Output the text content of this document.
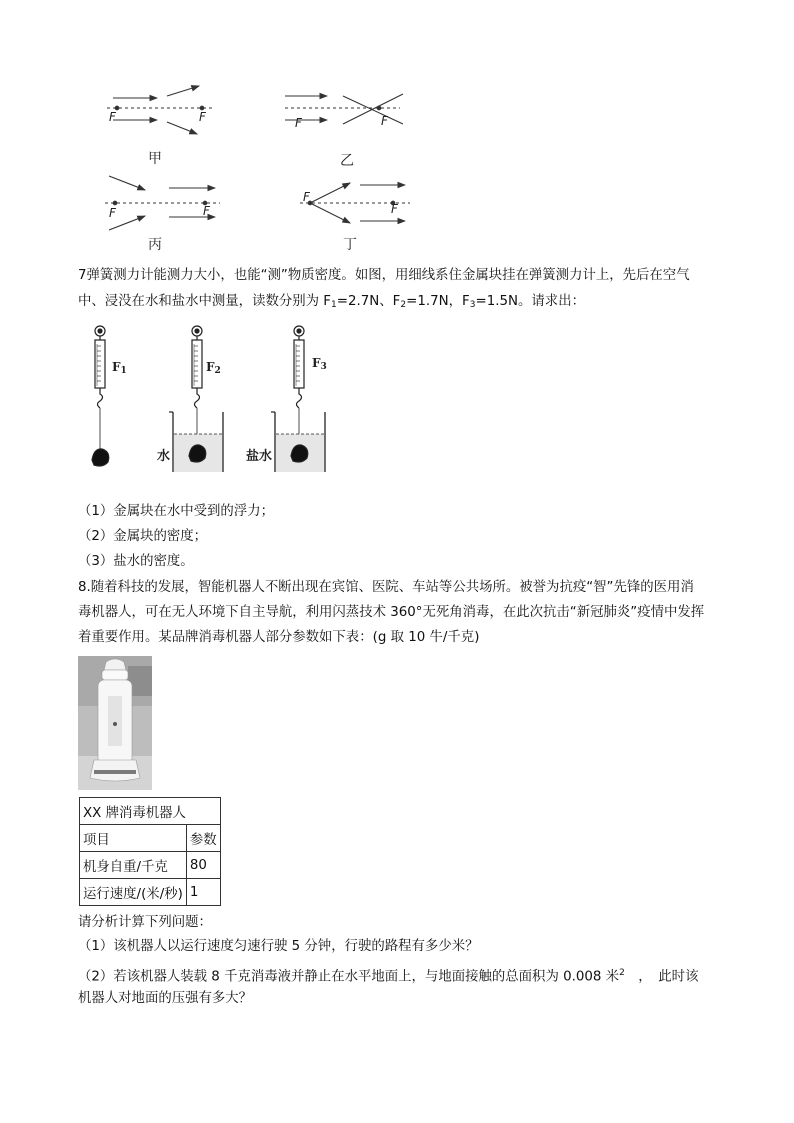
F	F	F	F
F	F
F
F
甲	乙
丙	丁
7弹簧测力计能测力大小，也能“测”物质密度。如图，用细线系住金属块挂在弹簧测力计上，先后在空气
中、浸没在水和盐水中测量，读数分别为 $F_1=2.7N$、$F_2=1.7N$，$F_3=1.5N$。请求出：
$F_1$	$F_2$
$F_3$
水	盐水
（1）金属块在水中受到的浮力；
（2）金属块的密度；
（3）盐水的密度。
8.随着科技的发展，智能机器人不断出现在宾馆、医院、车站等公共场所。被誉为抗疫“智”先锋的医用消
毒机器人，可在无人环境下自主导航，利用闪蒸技术 360°无死角消毒，在此次抗击“新冠肺炎”疫情中发挥
着重要作用。某品牌消毒机器人部分参数如下表：(g 取 10 牛/千克)
XX 牌消毒机器人	
项目	参数
机身自重/千克	80
运行速度/(米/秒)	1
请分析计算下列问题：
（1）该机器人以运行速度匀速行驶 5 分钟，行驶的路程有多少米？
（2）若该机器人装载 8 千克消毒液并静止在水平地面上，与地面接触的总面积为 0.008 米$^2$　，　此时该
机器人对地面的压强有多大？
